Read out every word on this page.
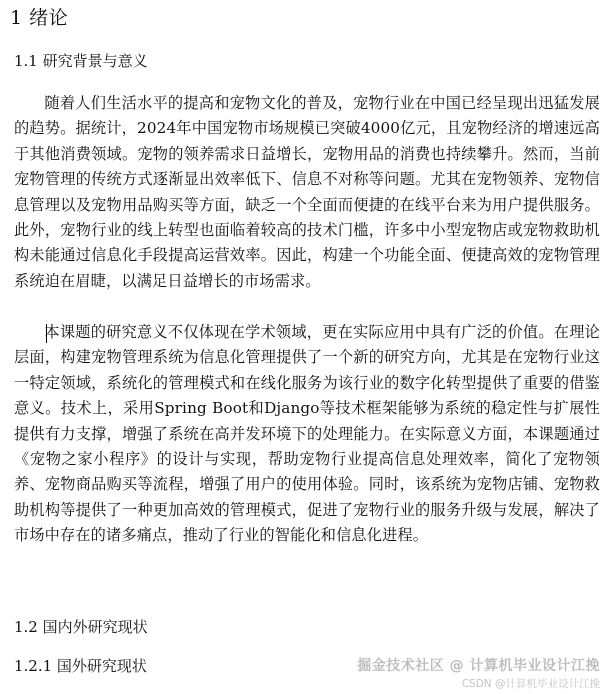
1 绪论
1.1 研究背景与意义

随着人们生活水平的提高和宠物文化的普及，宠物行业在中国已经呈现出迅猛发展的趋势。据统计，2024年中国宠物市场规模已突破4000亿元，且宠物经济的增速远高于其他消费领域。宠物的领养需求日益增长，宠物用品的消费也持续攀升。然而，当前宠物管理的传统方式逐渐显出效率低下、信息不对称等问题。尤其在宠物领养、宠物信息管理以及宠物用品购买等方面，缺乏一个全面而便捷的在线平台来为用户提供服务。此外，宠物行业的线上转型也面临着较高的技术门槛，许多中小型宠物店或宠物救助机构未能通过信息化手段提高运营效率。因此，构建一个功能全面、便捷高效的宠物管理系统迫在眉睫，以满足日益增长的市场需求。

本课题的研究意义不仅体现在学术领域，更在实际应用中具有广泛的价值。在理论层面，构建宠物管理系统为信息化管理提供了一个新的研究方向，尤其是在宠物行业这一特定领域，系统化的管理模式和在线化服务为该行业的数字化转型提供了重要的借鉴意义。技术上，采用Spring Boot和Django等技术框架能够为系统的稳定性与扩展性提供有力支撑，增强了系统在高并发环境下的处理能力。在实际意义方面，本课题通过《宠物之家小程序》的设计与实现，帮助宠物行业提高信息处理效率，简化了宠物领养、宠物商品购买等流程，增强了用户的使用体验。同时，该系统为宠物店铺、宠物救助机构等提供了一种更加高效的管理模式，促进了宠物行业的服务升级与发展，解决了市场中存在的诸多痛点，推动了行业的智能化和信息化进程。

1.2 国内外研究现状
1.2.1 国外研究现状	掘金技术社区 @ 计算机毕业设计江挽
CSDN @计算机毕业设计江挽
